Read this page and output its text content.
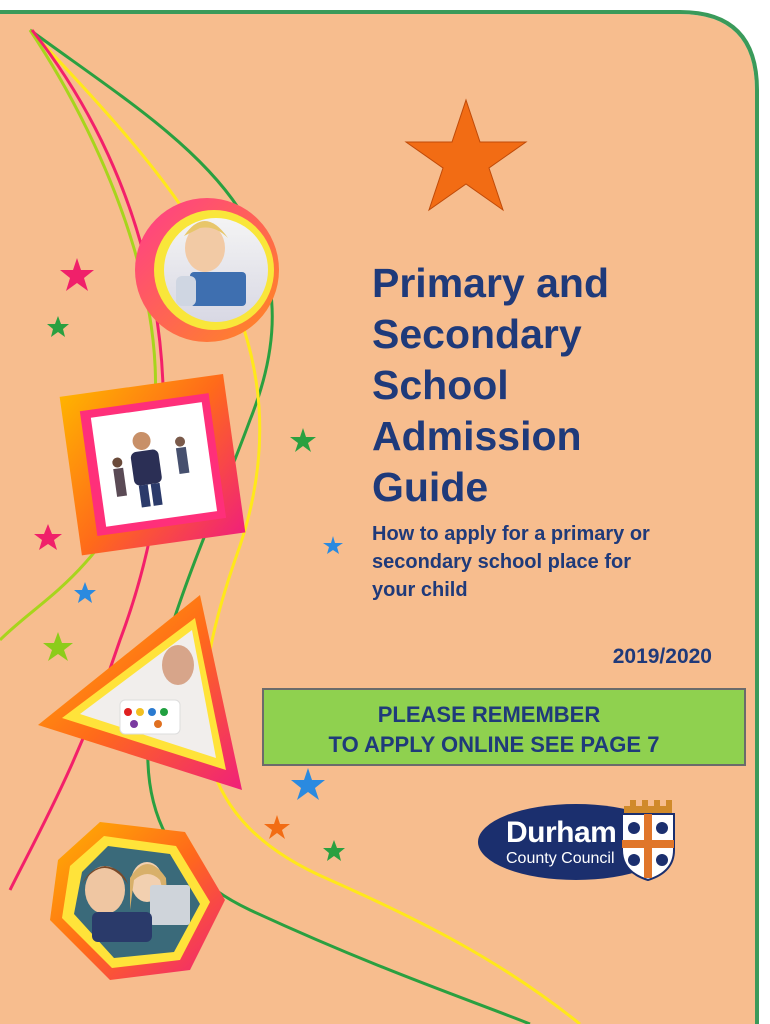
Primary and
Secondary
School
Admission
Guide
How to apply for a primary or
secondary school place for
your child
2019/2020
PLEASE REMEMBER
TO APPLY ONLINE SEE PAGE 7
Durham
County Council
